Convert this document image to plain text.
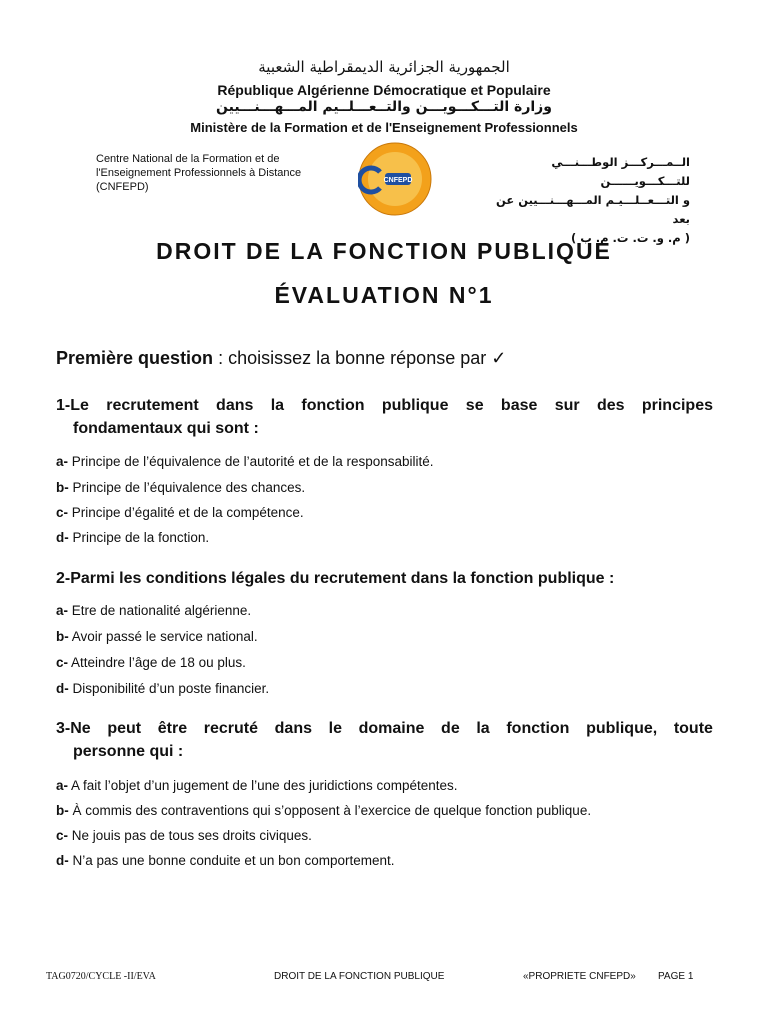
الجمهورية الجزائرية الديمقراطية الشعبية
République Algérienne Démocratique et Populaire
وزارة التـــكـــويـــن والتــعـــلــيم المـــهـــنـــيين
Ministère de la Formation et de l'Enseignement Professionnels
Centre National de la Formation et de
l'Enseignement Professionnels à Distance
(CNFEPD)
CNFEPD
الــمـــركـــز الوطـــنـــي للتـــكـــويــــــن
و التـــعــلـــيـم المـــهـــنـــيين عن بعد
( م. و. ت. ت. م. ب )
DROIT DE LA FONCTION PUBLIQUE
ÉVALUATION N°1
Première question : choisissez la bonne réponse par ✓
1-Le recrutement dans la fonction publique se base sur des principes
fondamentaux qui sont :
a- Principe de l’équivalence de l’autorité et de la responsabilité.
b- Principe de l’équivalence des chances.
c- Principe d’égalité et de la compétence.
d- Principe de la fonction.
2-Parmi les conditions légales du recrutement dans la fonction publique :
a- Etre de nationalité algérienne.
b- Avoir passé le service national.
c- Atteindre l’âge de 18 ou plus.
d- Disponibilité d’un poste financier.
3-Ne peut être recruté dans le domaine de la fonction publique, toute
personne qui :
a- A fait l’objet d’un jugement de l’une des juridictions compétentes.
b- À commis des contraventions qui s’opposent à l’exercice de quelque fonction publique.
c- Ne jouis pas de tous ses droits civiques.
d- N’a pas une bonne conduite et un bon comportement.
TAG0720/CYCLE -II/EVA	DROIT DE LA FONCTION PUBLIQUE	«PROPRIETE CNFEPD» PAGE 1
